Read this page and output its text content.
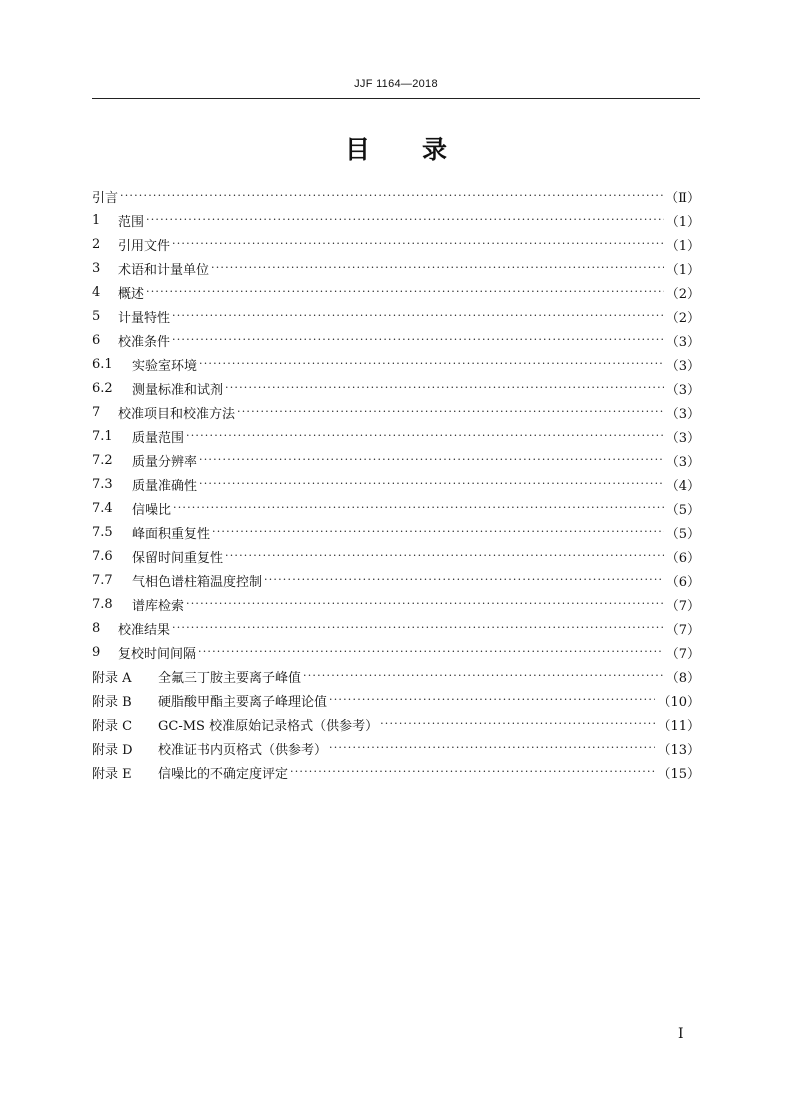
JJF 1164—2018
目录
引言 ·····	（Ⅱ）
1	范围 ·····	（1）
2	引用文件 ·····	（1）
3	术语和计量单位 ·····	（1）
4	概述 ·····	（2）
5	计量特性 ·····	（2）
6	校准条件 ·····	（3）
6.1	实验室环境 ·····	（3）
6.2	测量标准和试剂 ·····	（3）
7	校准项目和校准方法 ·····	（3）
7.1	质量范围 ·····	（3）
7.2	质量分辨率 ·····	（3）
7.3	质量准确性 ·····	（4）
7.4	信噪比 ·····	（5）
7.5	峰面积重复性 ·····	（5）
7.6	保留时间重复性 ·····	（6）
7.7	气相色谱柱箱温度控制 ·····	（6）
7.8	谱库检索 ·····	（7）
8	校准结果 ·····	（7）
9	复校时间间隔 ·····	（7）
附录 A	全氟三丁胺主要离子峰值 ·····	（8）
附录 B	硬脂酸甲酯主要离子峰理论值 ·····	（10）
附录 C	GC-MS 校准原始记录格式（供参考） ·····	（11）
附录 D	校准证书内页格式（供参考） ·····	（13）
附录 E	信噪比的不确定度评定 ·····	（15）
I
